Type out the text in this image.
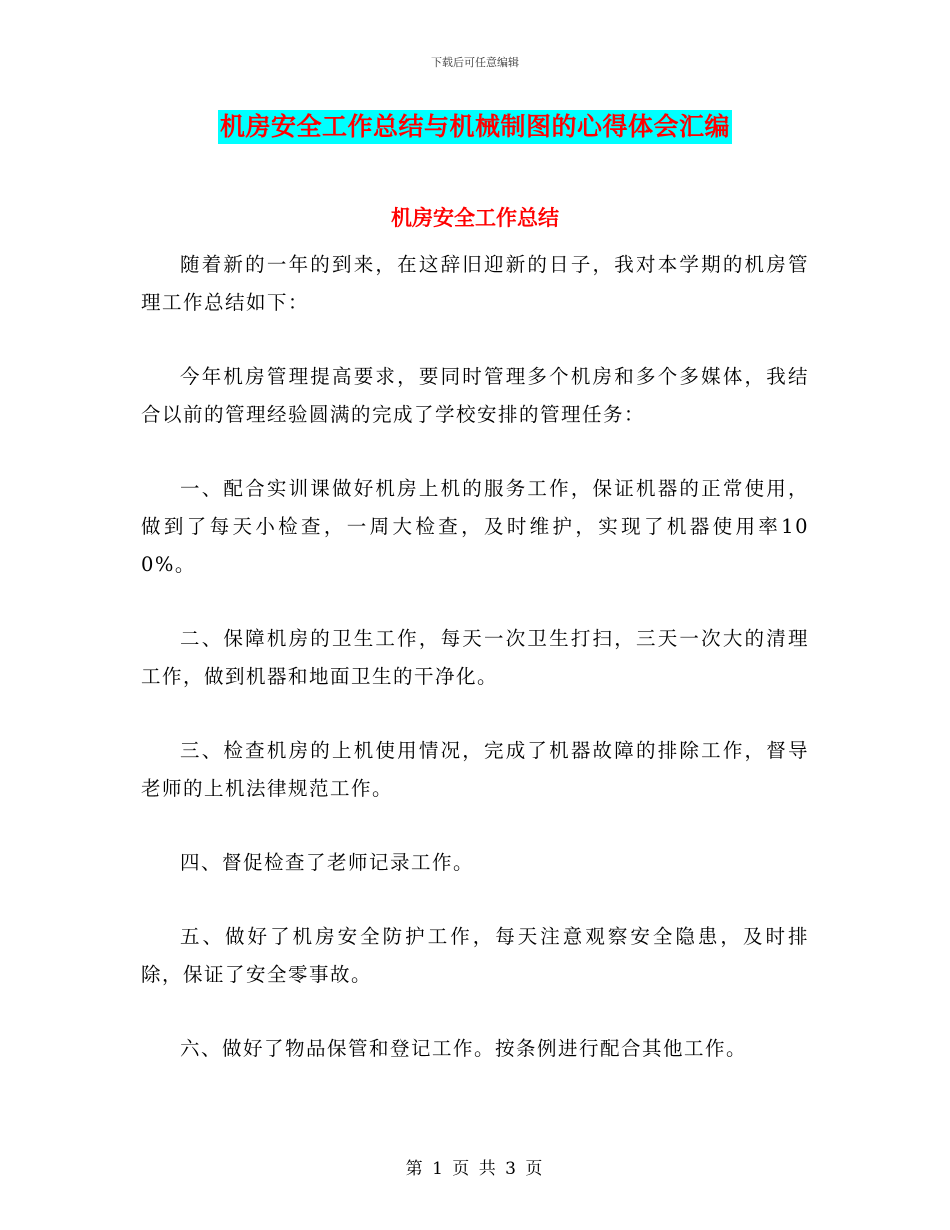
下载后可任意编辑
机房安全工作总结与机械制图的心得体会汇编
机房安全工作总结

随着新的一年的到来，在这辞旧迎新的日子，我对本学期的机房管理工作总结如下：

今年机房管理提高要求，要同时管理多个机房和多个多媒体，我结合以前的管理经验圆满的完成了学校安排的管理任务：

一、配合实训课做好机房上机的服务工作，保证机器的正常使用，做到了每天小检查，一周大检查，及时维护，实现了机器使用率100%。

二、保障机房的卫生工作，每天一次卫生打扫，三天一次大的清理工作，做到机器和地面卫生的干净化。

三、检查机房的上机使用情况，完成了机器故障的排除工作，督导老师的上机法律规范工作。

四、督促检查了老师记录工作。

五、做好了机房安全防护工作，每天注意观察安全隐患，及时排除，保证了安全零事故。

六、做好了物品保管和登记工作。按条例进行配合其他工作。

第 1 页 共 3 页
